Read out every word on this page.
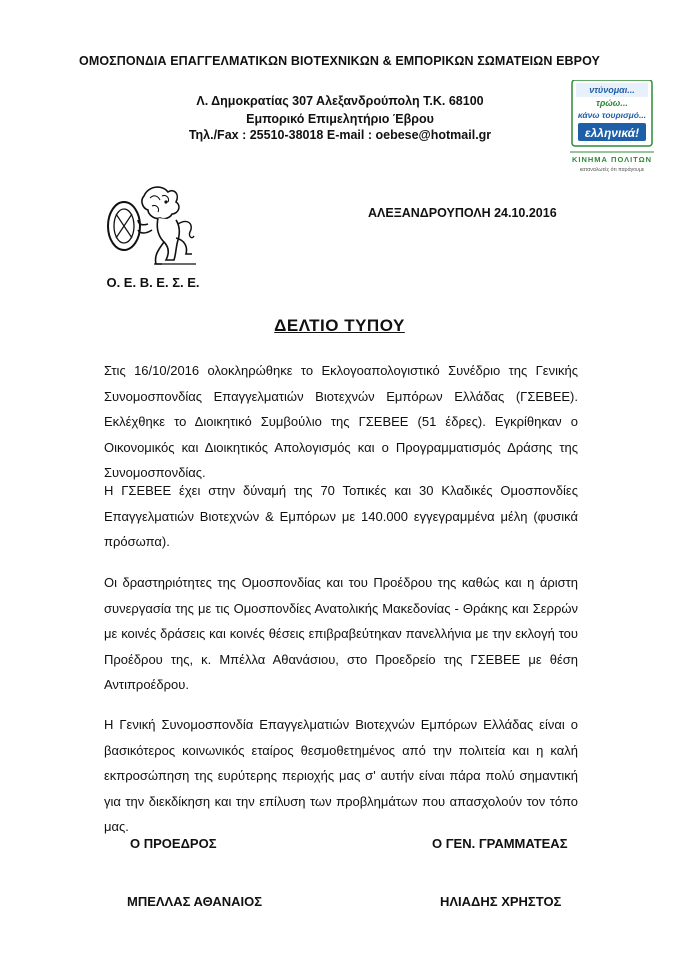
ΟΜΟΣΠΟΝΔΙΑ ΕΠΑΓΓΕΛΜΑΤΙΚΩΝ ΒΙΟΤΕΧΝΙΚΩΝ & ΕΜΠΟΡΙΚΩΝ ΣΩΜΑΤΕΙΩΝ ΕΒΡΟΥ
Λ. Δημοκρατίας 307 Αλεξανδρούπολη Τ.Κ. 68100
Εμπορικό Επιμελητήριο Έβρου
Τηλ./Fax : 25510-38018 E-mail : oebese@hotmail.gr
ντύνομαι...
τρώω...
κάνω τουρισμό...
ελληνικά!
ΚΙΝΗΜΑ ΠΟΛΙΤΩΝ
καταναλωτές ότι παράγουμε
Ο. Ε. Β. Ε. Σ. Ε.
ΑΛΕΞΑΝΔΡΟΥΠΟΛΗ 24.10.2016
ΔΕΛΤΙΟ ΤΥΠΟΥ
Στις 16/10/2016 ολοκληρώθηκε το Εκλογοαπολογιστικό Συνέδριο της Γενικής Συνομοσπονδίας Επαγγελματιών Βιοτεχνών Εμπόρων Ελλάδας (ΓΣΕΒΕΕ). Εκλέχθηκε το Διοικητικό Συμβούλιο της ΓΣΕΒΕΕ (51 έδρες). Εγκρίθηκαν ο Οικονομικός και Διοικητικός Απολογισμός και ο Προγραμματισμός Δράσης της Συνομοσπονδίας.
Η ΓΣΕΒΕΕ έχει στην δύναμή της 70 Τοπικές και 30 Κλαδικές Ομοσπονδίες Επαγγελματιών Βιοτεχνών & Εμπόρων με 140.000 εγγεγραμμένα μέλη (φυσικά πρόσωπα).
Οι δραστηριότητες της Ομοσπονδίας και του Προέδρου της καθώς και η άριστη συνεργασία της με τις Ομοσπονδίες Ανατολικής Μακεδονίας - Θράκης και Σερρών με κοινές δράσεις και κοινές θέσεις επιβραβεύτηκαν πανελλήνια με την εκλογή του Προέδρου της, κ. Μπέλλα Αθανάσιου, στο Προεδρείο της ΓΣΕΒΕΕ με θέση Αντιπροέδρου.
Η Γενική Συνομοσπονδία Επαγγελματιών Βιοτεχνών Εμπόρων Ελλάδας είναι ο βασικότερος κοινωνικός εταίρος θεσμοθετημένος από την πολιτεία και η καλή εκπροσώπηση της ευρύτερης περιοχής μας σ' αυτήν είναι πάρα πολύ σημαντική για την διεκδίκηση και την επίλυση των προβλημάτων που απασχολούν τον τόπο μας.
Ο ΠΡΟΕΔΡΟΣ	Ο ΓΕΝ. ΓΡΑΜΜΑΤΕΑΣ
ΜΠΕΛΛΑΣ ΑΘΑΝΑΙΟΣ	ΗΛΙΑΔΗΣ ΧΡΗΣΤΟΣ
